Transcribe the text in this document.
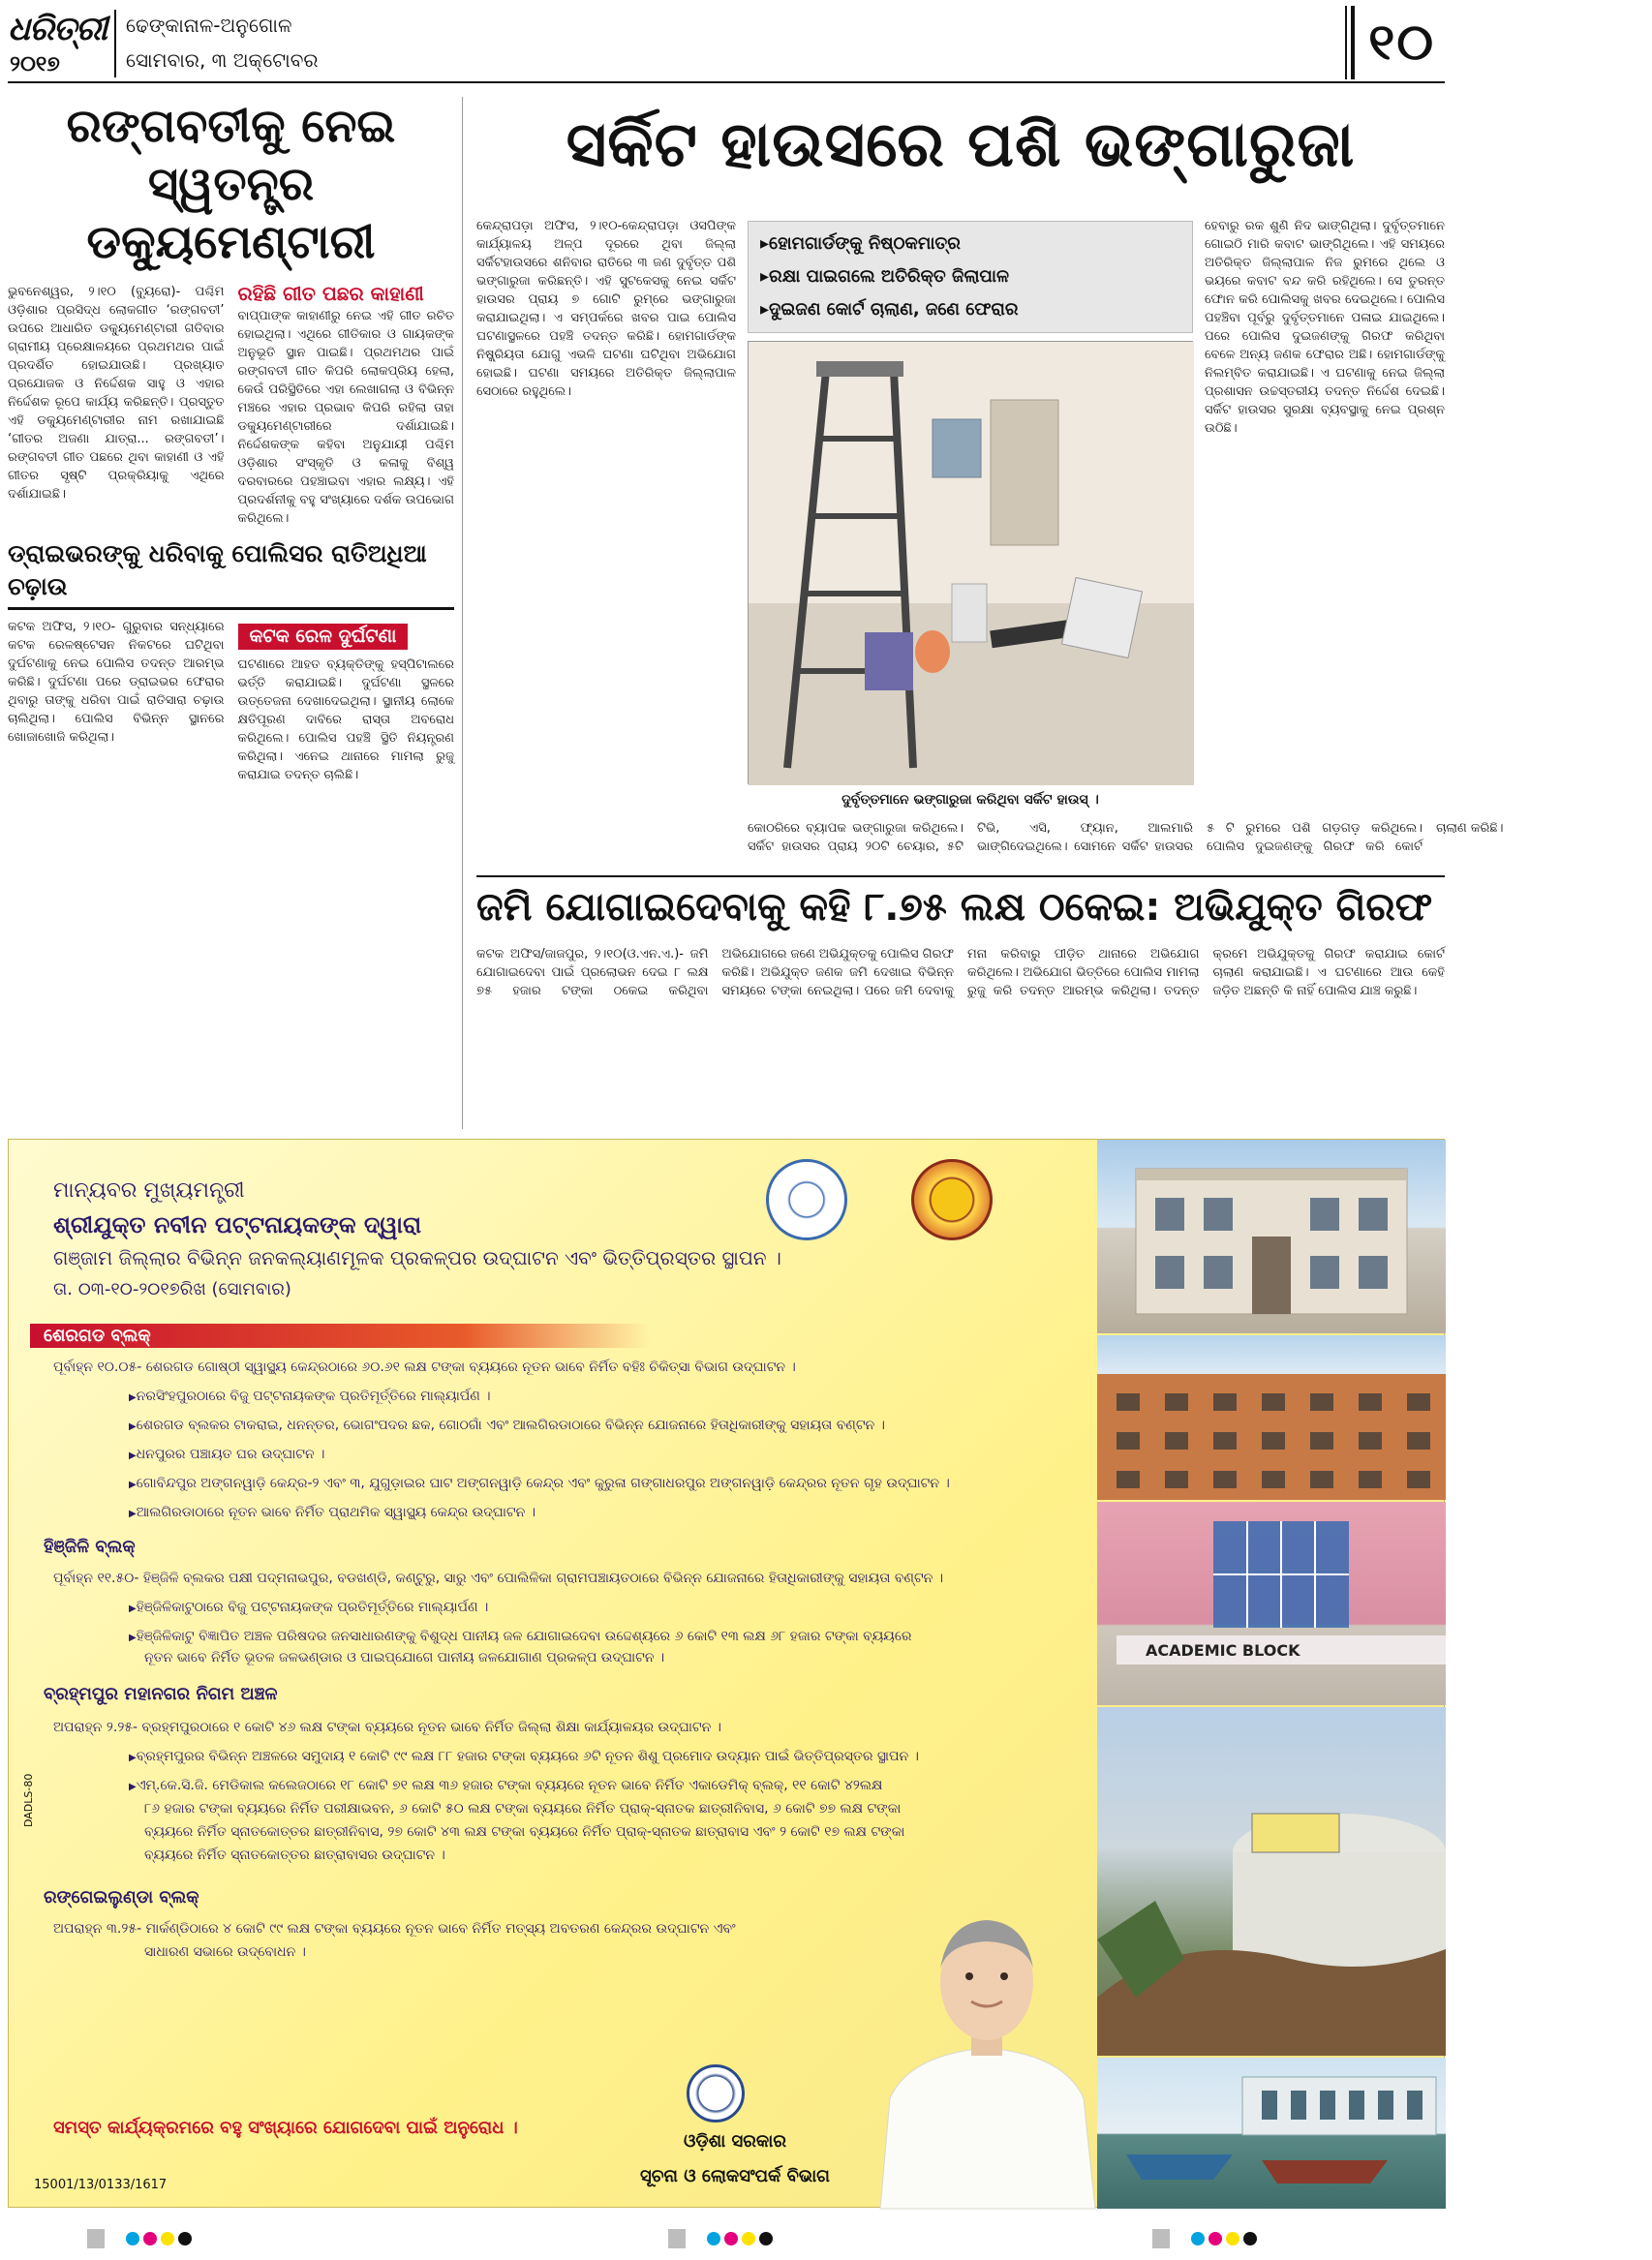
ଧରିତ୍ରୀ
୨୦୧୭
ଢେଙ୍କାନାଳ-ଅନୁଗୋଳ
ସୋମବାର, ୩ ଅକ୍ଟୋବର	୧୦
ରଙ୍ଗବତୀକୁ ନେଇ
ସ୍ୱତନ୍ତ୍ର ଡକ୍ୟୁମେଣ୍ଟାରୀ

ଭୁବନେଶ୍ୱର, ୨।୧୦ (ବ୍ୟୁରୋ)- ପଶ୍ଚିମ ଓଡ଼ିଶାର ପ୍ରସିଦ୍ଧ ଲୋକଗୀତ ‘ରଙ୍ଗବତୀ’ ଉପରେ ଆଧାରିତ ଡକ୍ୟୁମେଣ୍ଟାରୀ ଗତିବାର ଗ୍ରାମୀୟ ପ୍ରେକ୍ଷାଳୟରେ ପ୍ରଥମଥର ପାଇଁ ପ୍ରଦର୍ଶିତ ହୋଇଯାଉଛି। ପ୍ରଖ୍ୟାତ ପ୍ରଯୋଜକ ଓ ନିର୍ଦ୍ଦେଶକ ସାହୁ ଓ ଏହାର ନିର୍ଦ୍ଦେଶକ ରୂପେ କାର୍ଯ୍ୟ କରିଛନ୍ତି। ପ୍ରସ୍ତୁତ ଏହି ଡକ୍ୟୁମେଣ୍ଟାରୀର ନାମ ରଖାଯାଇଛି ‘ଗୀତର ଅଜଣା ଯାତ୍ରା... ରଙ୍ଗବତୀ’। ରଙ୍ଗବତୀ ଗୀତ ପଛରେ ଥିବା କାହାଣୀ ଓ ଏହି ଗୀତର ସୃଷ୍ଟି ପ୍ରକ୍ରିୟାକୁ ଏଥିରେ ଦର୍ଶାଯାଇଛି।

ରହିଛି ଗୀତ ପଛର କାହାଣୀ

ବାପ୍ପାଙ୍କ କାହାଣୀରୁ ନେଇ ଏହି ଗୀତ ରଚିତ ହୋଇଥିଲା। ଏଥିରେ ଗୀତିକାର ଓ ଗାୟକଙ୍କ ଅନୁଭୂତି ସ୍ଥାନ ପାଇଛି। ପ୍ରଥମଥର ପାଇଁ ରଙ୍ଗବତୀ ଗୀତ କିପରି ଲୋକପ୍ରିୟ ହେଲା, କେଉଁ ପରିସ୍ଥିତିରେ ଏହା ଲେଖାଗଲା ଓ ବିଭିନ୍ନ ମଞ୍ଚରେ ଏହାର ପ୍ରଭାବ କିପରି ରହିଲା ତାହା ଡକ୍ୟୁମେଣ୍ଟାରୀରେ ଦର୍ଶାଯାଇଛି। ନିର୍ଦ୍ଦେଶକଙ୍କ କହିବା ଅନୁଯାୟୀ ପଶ୍ଚିମ ଓଡ଼ିଶାର ସଂସ୍କୃତି ଓ କଳାକୁ ବିଶ୍ୱ ଦରବାରରେ ପହଞ୍ଚାଇବା ଏହାର ଲକ୍ଷ୍ୟ। ଏହି ପ୍ରଦର୍ଶନୀକୁ ବହୁ ସଂଖ୍ୟାରେ ଦର୍ଶକ ଉପଭୋଗ କରିଥିଲେ।

ଡ୍ରାଇଭରଙ୍କୁ ଧରିବାକୁ ପୋଲିସର ରାତିଅଧିଆ ଚଢ଼ାଉ

କଟକ ଅଫିସ, ୨।୧୦- ଗୁରୁବାର ସନ୍ଧ୍ୟାରେ କଟକ ରେଳଷ୍ଟେସନ ନିକଟରେ ଘଟିଥିବା ଦୁର୍ଘଟଣାକୁ ନେଇ ପୋଲିସ ତଦନ୍ତ ଆରମ୍ଭ କରିଛି। ଦୁର୍ଘଟଣା ପରେ ଡ୍ରାଇଭର ଫେରାର ଥିବାରୁ ତାଙ୍କୁ ଧରିବା ପାଇଁ ରାତିସାରା ଚଢ଼ାଉ ଚାଲିଥିଲା। ପୋଲିସ ବିଭିନ୍ନ ସ୍ଥାନରେ ଖୋଜାଖୋଜି କରିଥିଲା।

କଟକ ରେଳ ଦୁର୍ଘଟଣା

ଘଟଣାରେ ଆହତ ବ୍ୟକ୍ତିଙ୍କୁ ହସ୍ପିଟାଲରେ ଭର୍ତ୍ତି କରାଯାଇଛି। ଦୁର୍ଘଟଣା ସ୍ଥଳରେ ଉତ୍ତେଜନା ଦେଖାଦେଇଥିଲା। ସ୍ଥାନୀୟ ଲୋକେ କ୍ଷତିପୂରଣ ଦାବିରେ ରାସ୍ତା ଅବରୋଧ କରିଥିଲେ। ପୋଲିସ ପହଞ୍ଚି ସ୍ଥିତି ନିୟନ୍ତ୍ରଣ କରିଥିଲା। ଏନେଇ ଥାନାରେ ମାମଲା ରୁଜୁ କରାଯାଇ ତଦନ୍ତ ଚାଲିଛି।

ସର୍କିଟ ହାଉସରେ ପଶି ଭଙ୍ଗାରୁଜା
କେନ୍ଦ୍ରାପଡ଼ା ଅଫିସ, ୨।୧୦-କେନ୍ଦ୍ରାପଡ଼ା ଓସପିଙ୍କ କାର୍ଯ୍ୟାଳୟ ଅଳ୍ପ ଦୂରରେ ଥିବା ଜିଲ୍ଲା ସର୍କିଟହାଉସରେ ଶନିବାର ରାତିରେ ୩ ଜଣ ଦୁର୍ବୃତ୍ତ ପଶି ଭଙ୍ଗାରୁଜା କରିଛନ୍ତି। ଏହି ସୁଟକେସକୁ ନେଇ ସର୍କିଟ ହାଉସର ପ୍ରାୟ ୭ ଗୋଟି ରୁମ୍‌ରେ ଭଙ୍ଗାରୁଜା କରାଯାଇଥିଲା। ଏ ସମ୍ପର୍କରେ ଖବର ପାଇ ପୋଲିସ ଘଟଣାସ୍ଥଳରେ ପହଞ୍ଚି ତଦନ୍ତ କରିଛି। ହୋମଗାର୍ଡଙ୍କ ନିଷ୍କ୍ରିୟତା ଯୋଗୁ ଏଭଳି ଘଟଣା ଘଟିଥିବା ଅଭିଯୋଗ ହୋଇଛି। ଘଟଣା ସମୟରେ ଅତିରିକ୍ତ ଜିଲ୍ଲାପାଳ ସେଠାରେ ରହୁଥିଲେ।
▸ ହୋମଗାର୍ଡଙ୍କୁ ନିଷ୍ଠକମାତ୍ର
▸ ରକ୍ଷା ପାଇଗଲେ ଅତିରିକ୍ତ ଜିଲାପାଳ
▸ ଦୁଇଜଣ କୋର୍ଟ ଚାଲାଣ, ଜଣେ ଫେରାର
ଦୁର୍ବୃତ୍ତମାନେ ଭଙ୍ଗାରୁଜା କରିଥିବା ସର୍କିଟ ହାଉସ୍‌ ।
କୋଠରିରେ ବ୍ୟାପକ ଭଙ୍ଗାରୁଜା କରିଥିଲେ। ସର୍କିଟ ହାଉସର ପ୍ରାୟ ୨୦ଟି ଚେୟାର, ୫ଟି ଟିଭି, ଏସି, ଫ୍ୟାନ, ଆଲମାରି ଭାଙ୍ଗିଦେଇଥିଲେ। ସୋମନେ ସର୍କିଟ ହାଉସର ୫ ଟି ରୁମରେ ପଶି ଗଡ଼ଗଡ଼ କରିଥିଲେ। ପୋଲିସ ଦୁଇଜଣଙ୍କୁ ଗିରଫ କରି କୋର୍ଟ ଚାଲାଣ କରିଛି।
ହେବାରୁ ରକ ଶୁଣି ନିଦ ଭାଙ୍ଗିଥିଲା। ଦୁର୍ବୃତ୍ତମାନେ ଗୋଇଠି ମାରି କବାଟ ଭାଙ୍ଗିଥିଲେ। ଏହି ସମୟରେ ଅତିରିକ୍ତ ଜିଲ୍ଲାପାଳ ନିଜ ରୁମରେ ଥିଲେ ଓ ଭୟରେ କବାଟ ବନ୍ଦ କରି ରହିଥିଲେ। ସେ ତୁରନ୍ତ ଫୋନ କରି ପୋଲିସକୁ ଖବର ଦେଇଥିଲେ। ପୋଲିସ ପହଞ୍ଚିବା ପୂର୍ବରୁ ଦୁର୍ବୃତ୍ତମାନେ ପଳାଇ ଯାଇଥିଲେ। ପରେ ପୋଲିସ ଦୁଇଜଣଙ୍କୁ ଗିରଫ କରିଥିବା ବେଳେ ଅନ୍ୟ ଜଣକ ଫେରାର ଅଛି। ହୋମଗାର୍ଡଙ୍କୁ ନିଲମ୍ବିତ କରାଯାଇଛି। ଏ ଘଟଣାକୁ ନେଇ ଜିଲ୍ଲା ପ୍ରଶାସନ ଉଚ୍ଚସ୍ତରୀୟ ତଦନ୍ତ ନିର୍ଦ୍ଦେଶ ଦେଇଛି। ସର୍କିଟ ହାଉସର ସୁରକ୍ଷା ବ୍ୟବସ୍ଥାକୁ ନେଇ ପ୍ରଶ୍ନ ଉଠିଛି।
ଜମି ଯୋଗାଇଦେବାକୁ କହି ୮.୭୫ ଲକ୍ଷ ଠକେଇ: ଅଭିଯୁକ୍ତ ଗିରଫ
କଟକ ଅଫିସ/ଜାଜପୁର, ୨।୧୦(ଓ.ଏନ.ଏ.)- ଜମି ଯୋଗାଇଦେବା ପାଇଁ ପ୍ରଲୋଭନ ଦେଇ ୮ ଲକ୍ଷ ୭୫ ହଜାର ଟଙ୍କା ଠକେଇ କରିଥିବା ଅଭିଯୋଗରେ ଜଣେ ଅଭିଯୁକ୍ତକୁ ପୋଲିସ ଗିରଫ କରିଛି। ଅଭିଯୁକ୍ତ ଜଣକ ଜମି ଦେଖାଇ ବିଭିନ୍ନ ସମୟରେ ଟଙ୍କା ନେଇଥିଲା। ପରେ ଜମି ଦେବାକୁ ମନା କରିବାରୁ ପୀଡ଼ିତ ଥାନାରେ ଅଭିଯୋଗ କରିଥିଲେ। ଅଭିଯୋଗ ଭିତ୍ତିରେ ପୋଲିସ ମାମଲା ରୁଜୁ କରି ତଦନ୍ତ ଆରମ୍ଭ କରିଥିଲା। ତଦନ୍ତ କ୍ରମେ ଅଭିଯୁକ୍ତକୁ ଗିରଫ କରାଯାଇ କୋର୍ଟ ଚାଲାଣ କରାଯାଇଛି। ଏ ଘଟଣାରେ ଆଉ କେହି ଜଡ଼ିତ ଅଛନ୍ତି କି ନାହିଁ ପୋଲିସ ଯାଞ୍ଚ କରୁଛି।
ମାନ୍ୟବର ମୁଖ୍ୟମନ୍ତ୍ରୀ
ଶ୍ରୀଯୁକ୍ତ ନବୀନ ପଟ୍ଟନାୟକଙ୍କ ଦ୍ୱାରା
ଗଞ୍ଜାମ ଜିଲ୍ଲାର ବିଭିନ୍ନ ଜନକଲ୍ୟାଣମୂଳକ ପ୍ରକଳ୍ପର ଉଦ୍‌ଘାଟନ ଏବଂ ଭିତ୍ତିପ୍ରସ୍ତର ସ୍ଥାପନ ।
ତା. ୦୩-୧୦-୨୦୧୭ରିଖ (ସୋମବାର)
ଶେରଗଡ ବ୍ଲକ୍
ପୂର୍ବାହ୍ନ ୧୦.୦୫- ଶେରଗଡ ଗୋଷ୍ଠୀ ସ୍ୱାସ୍ଥ୍ୟ କେନ୍ଦ୍ରଠାରେ ୬୦.୬୧ ଲକ୍ଷ ଟଙ୍କା ବ୍ୟୟରେ ନୂତନ ଭାବେ ନିର୍ମିତ ବହିଃ ଚିକିତ୍ସା ବିଭାଗ ଉଦ୍‌ଘାଟନ ।
▶ ନରସିଂହପୁରଠାରେ ବିଜୁ ପଟ୍ଟନାୟକଙ୍କ ପ୍ରତିମୂର୍ତ୍ତିରେ ମାଲ୍ୟାର୍ପଣ ।
▶ ଶେରଗଡ ବ୍ଲକର ଟାକରାଇ, ଧନନ୍ତର, ଭୋଗଂପଦର ଛକ, ଗୋଠଗାଁ ଏବଂ ଆଲଗିରଡାଠାରେ ବିଭିନ୍ନ ଯୋଜନାରେ ହିତାଧିକାରୀଙ୍କୁ ସହାୟତା ବଣ୍ଟନ ।
▶ ଧନପୁରର ପଞ୍ଚାୟତ ଘର ଉଦ୍‌ଘାଟନ ।
▶ ଗୋବିନ୍ଦପୁର ଅଙ୍ଗନୱାଡ଼ି କେନ୍ଦ୍ର-୨ ଏବଂ ୩, ଯୁଗୁଡ଼ାଇର ଘାଟ ଅଙ୍ଗନୱାଡ଼ି କେନ୍ଦ୍ର ଏବଂ କୁରୁଳା ଗଙ୍ଗାଧରପୁର ଅଙ୍ଗନୱାଡ଼ି କେନ୍ଦ୍ରର ନୂତନ ଗୃହ ଉଦ୍‌ଘାଟନ ।
▶ ଆଲଗିରଡାଠାରେ ନୂତନ ଭାବେ ନିର୍ମିତ ପ୍ରାଥମିକ ସ୍ୱାସ୍ଥ୍ୟ କେନ୍ଦ୍ର ଉଦ୍‌ଘାଟନ ।
ହିଞ୍ଜିଳି ବ୍ଲକ୍
ପୂର୍ବାହ୍ନ ୧୧.୫୦- ହିଞ୍ଜିଳି ବ୍ଲକର ପକ୍ଷୀ ପଦ୍ମନାଭପୁର, ବଡଖଣ୍ଡି, କଣ୍ଟୁରୁ, ସାରୁ ଏବଂ ପୋଲିଳିକା ଗ୍ରାମପଞ୍ଚାୟତଠାରେ ବିଭିନ୍ନ ଯୋଜନାରେ ହିତାଧିକାରୀଙ୍କୁ ସହାୟତା ବଣ୍ଟନ ।
▶ ହିଞ୍ଜିଳିକାଟୁଠାରେ ବିଜୁ ପଟ୍ଟନାୟକଙ୍କ ପ୍ରତିମୂର୍ତ୍ତିରେ ମାଲ୍ୟାର୍ପଣ ।
▶ ହିଞ୍ଜିଳିକାଟୁ ବିଜ୍ଞାପିତ ଅଞ୍ଚଳ ପରିଷଦର ଜନସାଧାରଣଙ୍କୁ ବିଶୁଦ୍ଧ ପାନୀୟ ଜଳ ଯୋଗାଇଦେବା ଉଦ୍ଦେଶ୍ୟରେ ୬ କୋଟି ୧୩ ଲକ୍ଷ ୬୮ ହଜାର ଟଙ୍କା ବ୍ୟୟରେ
ନୂତନ ଭାବେ ନିର୍ମିତ ଭୂତଳ ଜଳଭଣ୍ଡାର ଓ ପାଇପ୍‌ଯୋଗେ ପାନୀୟ ଜଳଯୋଗାଣ ପ୍ରକଳ୍ପ ଉଦ୍‌ଘାଟନ ।
ବ୍ରହ୍ମପୁର ମହାନଗର ନିଗମ ଅଞ୍ଚଳ
ଅପରାହ୍ନ ୨.୨୫- ବ୍ରହ୍ମପୁରଠାରେ ୧ କୋଟି ୪୬ ଲକ୍ଷ ଟଙ୍କା ବ୍ୟୟରେ ନୂତନ ଭାବେ ନିର୍ମିତ ଜିଲ୍ଲା ଶିକ୍ଷା କାର୍ଯ୍ୟାଳୟର ଉଦ୍‌ଘାଟନ ।
▶ ବ୍ରହ୍ମପୁରର ବିଭିନ୍ନ ଅଞ୍ଚଳରେ ସମୁଦାୟ ୧ କୋଟି ୯୯ ଲକ୍ଷ ୮୮ ହଜାର ଟଙ୍କା ବ୍ୟୟରେ ୬ଟି ନୂତନ ଶିଶୁ ପ୍ରମୋଦ ଉଦ୍ୟାନ ପାଇଁ ଭିତ୍ତିପ୍ରସ୍ତର ସ୍ଥାପନ ।
▶ ଏମ୍.କେ.ସି.ଜି. ମେଡିକାଲ କଲେଜଠାରେ ୧୮ କୋଟି ୭୧ ଲକ୍ଷ ୩୬ ହଜାର ଟଙ୍କା ବ୍ୟୟରେ ନୂତନ ଭାବେ ନିର୍ମିତ ଏକାଡେମିକ୍ ବ୍ଲକ୍, ୧୧ କୋଟି ୪୨ଲକ୍ଷ
୮୬ ହଜାର ଟଙ୍କା ବ୍ୟୟରେ ନିର୍ମିତ ପରୀକ୍ଷାଭବନ, ୬ କୋଟି ୫୦ ଲକ୍ଷ ଟଙ୍କା ବ୍ୟୟରେ ନିର୍ମିତ ପ୍ରାକ୍-ସ୍ନାତକ ଛାତ୍ରୀନିବାସ, ୬ କୋଟି ୭୭ ଲକ୍ଷ ଟଙ୍କା
ବ୍ୟୟରେ ନିର୍ମିତ ସ୍ନାତକୋତ୍ତର ଛାତ୍ରୀନିବାସ, ୨୭ କୋଟି ୪୩ ଲକ୍ଷ ଟଙ୍କା ବ୍ୟୟରେ ନିର୍ମିତ ପ୍ରାକ୍-ସ୍ନାତକ ଛାତ୍ରାବାସ ଏବଂ ୨ କୋଟି ୧୭ ଲକ୍ଷ ଟଙ୍କା
ବ୍ୟୟରେ ନିର୍ମିତ ସ୍ନାତକୋତ୍ତର ଛାତ୍ରାବାସର ଉଦ୍‌ଘାଟନ ।
ରଙ୍ଗେଇଲୁଣ୍ଡା ବ୍ଲକ୍
ଅପରାହ୍ନ ୩.୨୫- ମାର୍କଣ୍ଡିଠାରେ ୪ କୋଟି ୯୯ ଲକ୍ଷ ଟଙ୍କା ବ୍ୟୟରେ ନୂତନ ଭାବେ ନିର୍ମିତ ମତ୍ସ୍ୟ ଅବତରଣ କେନ୍ଦ୍ରର ଉଦ୍‌ଘାଟନ ଏବଂ
ସାଧାରଣ ସଭାରେ ଉଦ୍‌ବୋଧନ ।
DADLS-80
ସମସ୍ତ କାର୍ଯ୍ୟକ୍ରମରେ ବହୁ ସଂଖ୍ୟାରେ ଯୋଗଦେବା ପାଇଁ ଅନୁରୋଧ ।
ଓଡ଼ିଶା ସରକାର
ସୂଚନା ଓ ଲୋକସଂପର୍କ ବିଭାଗ
15001/13/0133/1617
ACADEMIC BLOCK
